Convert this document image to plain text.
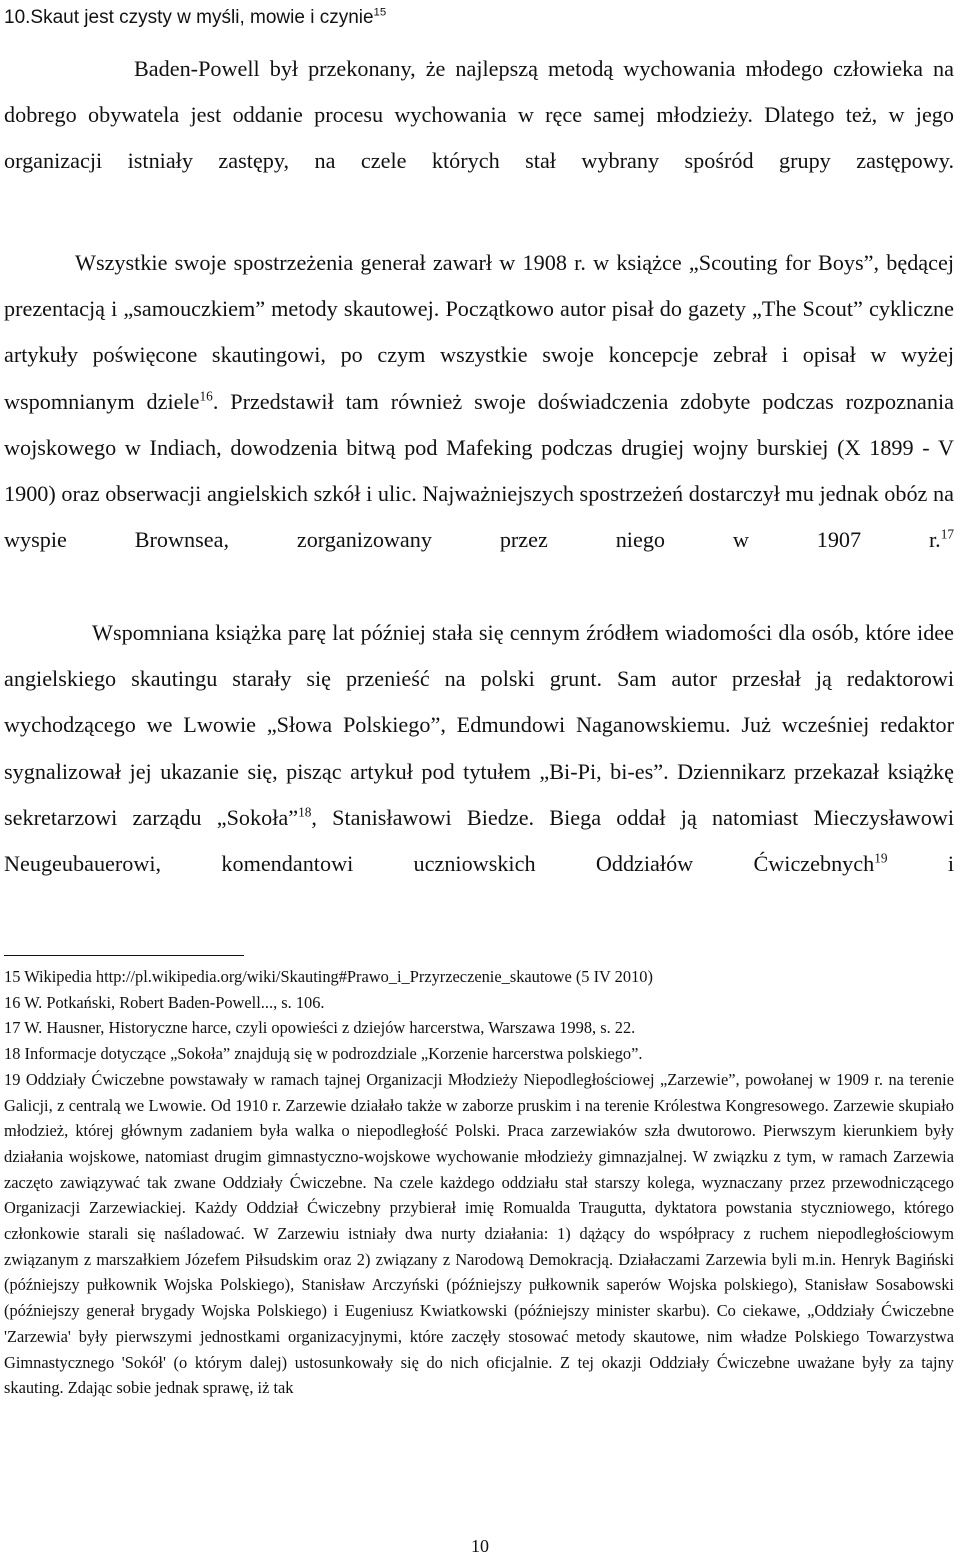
10.Skaut jest czysty w myśli, mowie i czynie$^{15}$
Baden-Powell był przekonany, że najlepszą metodą wychowania młodego człowieka na dobrego obywatela jest oddanie procesu wychowania w ręce samej młodzieży. Dlatego też, w jego organizacji istniały zastępy, na czele których stał wybrany spośród grupy zastępowy.
Wszystkie swoje spostrzeżenia generał zawarł w 1908 r. w książce „Scouting for Boys”, będącej prezentacją i „samouczkiem” metody skautowej. Początkowo autor pisał do gazety „The Scout” cykliczne artykuły poświęcone skautingowi, po czym wszystkie swoje koncepcje zebrał i opisał w wyżej wspomnianym dziele$^{16}$. Przedstawił tam również swoje doświadczenia zdobyte podczas rozpoznania wojskowego w Indiach, dowodzenia bitwą pod Mafeking podczas drugiej wojny burskiej (X 1899 - V 1900) oraz obserwacji angielskich szkół i ulic. Najważniejszych spostrzeżeń dostarczył mu jednak obóz na wyspie Brownsea, zorganizowany przez niego w 1907 r.$^{17}$
Wspomniana książka parę lat później stała się cennym źródłem wiadomości dla osób, które idee angielskiego skautingu starały się przenieść na polski grunt. Sam autor przesłał ją redaktorowi wychodzącego we Lwowie „Słowa Polskiego”, Edmundowi Naganowskiemu. Już wcześniej redaktor sygnalizował jej ukazanie się, pisząc artykuł pod tytułem „Bi-Pi, bi-es”. Dziennikarz przekazał książkę sekretarzowi zarządu „Sokoła”$^{18}$, Stanisławowi Biedze. Biega oddał ją natomiast Mieczysławowi Neugeubauerowi, komendantowi uczniowskich Oddziałów Ćwiczebnych$^{19}$ i

15 Wikipedia http://pl.wikipedia.org/wiki/Skauting#Prawo_i_Przyrzeczenie_skautowe (5 IV 2010)

16 W. Potkański, Robert Baden-Powell..., s. 106.

17 W. Hausner, Historyczne harce, czyli opowieści z dziejów harcerstwa, Warszawa 1998, s. 22.

18 Informacje dotyczące „Sokoła” znajdują się w podrozdziale „Korzenie harcerstwa polskiego”.

19 Oddziały Ćwiczebne powstawały w ramach tajnej Organizacji Młodzieży Niepodległościowej „Zarzewie”, powołanej w 1909 r. na terenie Galicji, z centralą we Lwowie. Od 1910 r. Zarzewie działało także w zaborze pruskim i na terenie Królestwa Kongresowego. Zarzewie skupiało młodzież, której głównym zadaniem była walka o niepodległość Polski. Praca zarzewiaków szła dwutorowo. Pierwszym kierunkiem były działania wojskowe, natomiast drugim gimnastyczno-wojskowe wychowanie młodzieży gimnazjalnej. W związku z tym, w ramach Zarzewia zaczęto zawiązywać tak zwane Oddziały Ćwiczebne. Na czele każdego oddziału stał starszy kolega, wyznaczany przez przewodniczącego Organizacji Zarzewiackiej. Każdy Oddział Ćwiczebny przybierał imię Romualda Traugutta, dyktatora powstania styczniowego, którego członkowie starali się naśladować. W Zarzewiu istniały dwa nurty działania: 1) dążący do współpracy z ruchem niepodległościowym związanym z marszałkiem Józefem Piłsudskim oraz 2) związany z Narodową Demokracją. Działaczami Zarzewia byli m.in. Henryk Bagiński (późniejszy pułkownik Wojska Polskiego), Stanisław Arczyński (późniejszy pułkownik saperów Wojska polskiego), Stanisław Sosabowski (późniejszy generał brygady Wojska Polskiego) i Eugeniusz Kwiatkowski (późniejszy minister skarbu). Co ciekawe, „Oddziały Ćwiczebne 'Zarzewia' były pierwszymi jednostkami organizacyjnymi, które zaczęły stosować metody skautowe, nim władze Polskiego Towarzystwa Gimnastycznego 'Sokół' (o którym dalej) ustosunkowały się do nich oficjalnie. Z tej okazji Oddziały Ćwiczebne uważane były za tajny skauting. Zdając sobie jednak sprawę, iż tak

10
